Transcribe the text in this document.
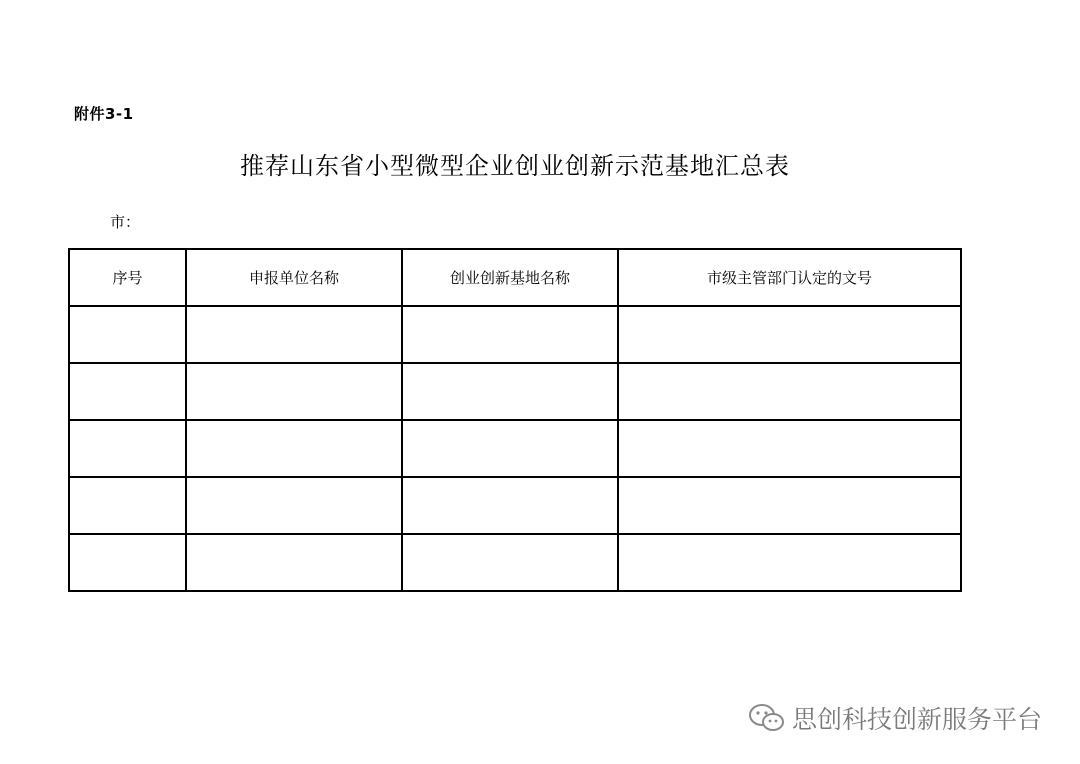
附件3-1
推荐山东省小型微型企业创业创新示范基地汇总表
市：
序号	申报单位名称	创业创新基地名称	市级主管部门认定的文号

思创科技创新服务平台
